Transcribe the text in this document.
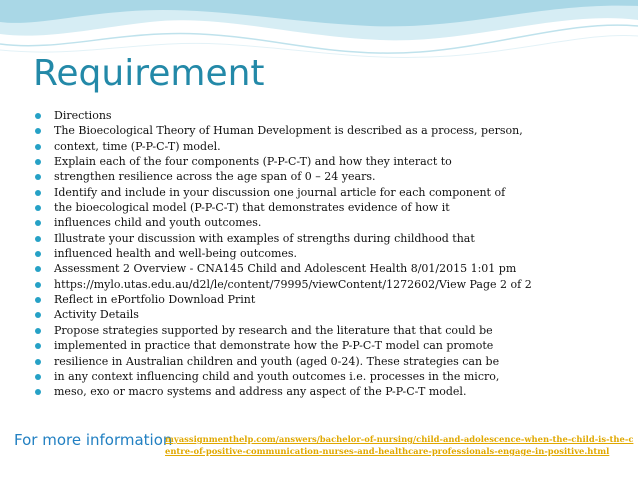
Requirement
Directions
The Bioecological Theory of Human Development is described as a process, person,
context, time (P-P-C-T) model.
Explain each of the four components (P-P-C-T) and how they interact to
strengthen resilience across the age span of 0 – 24 years.
Identify and include in your discussion one journal article for each component of
the bioecological model (P-P-C-T) that demonstrates evidence of how it
influences child and youth outcomes.
Illustrate your discussion with examples of strengths during childhood that
influenced health and well-being outcomes.
Assessment 2 Overview - CNA145 Child and Adolescent Health 8/01/2015 1:01 pm
https://mylo.utas.edu.au/d2l/le/content/79995/viewContent/1272602/View Page 2 of 2
Reflect in ePortfolio Download Print
Activity Details
Propose strategies supported by research and the literature that that could be
implemented in practice that demonstrate how the P-P-C-T model can promote
resilience in Australian children and youth (aged 0-24). These strategies can be
in any context influencing child and youth outcomes i.e. processes in the micro,
meso, exo or macro systems and address any aspect of the P-P-C-T model.
For more information
myassignmenthelp.com/answers/bachelor-of-nursing/child-and-adolescence-when-the-child-is-the-centre-of-positive-communication-nurses-and-healthcare-professionals-engage-in-positive.html
